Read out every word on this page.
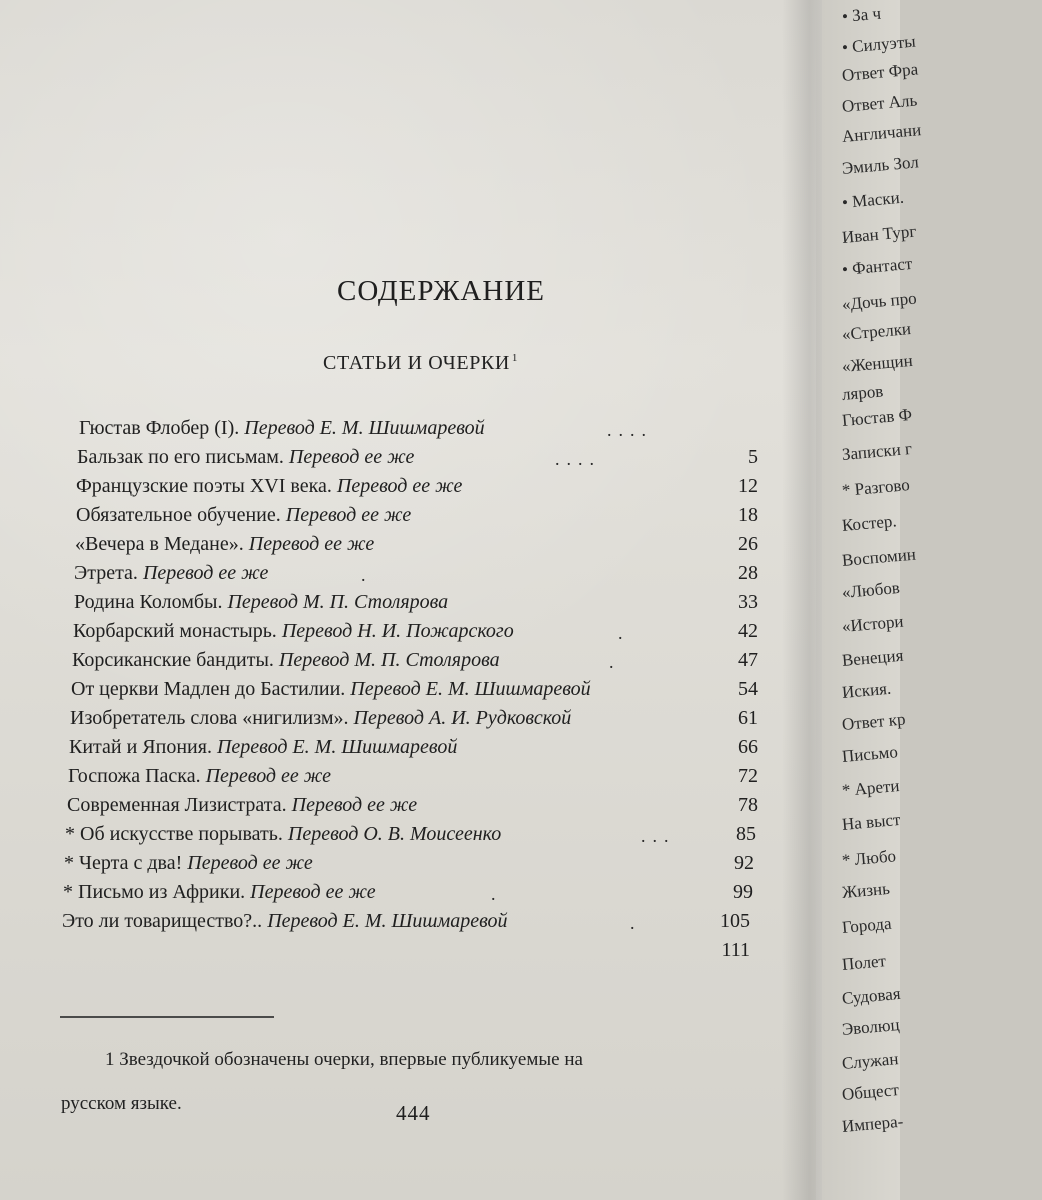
СОДЕРЖАНИЕ
СТАТЬИ И ОЧЕРКИ $^1$
Гюстав Флобер (I). Перевод Е. М. Шишмаревой	....
Бальзак по его письмам. Перевод ее же	....	5
Французские поэты XVI века. Перевод ее же	12
Обязательное обучение. Перевод ее же	18
«Вечера в Медане». Перевод ее же	26
Этрета. Перевод ее же	.	28
Родина Коломбы. Перевод М. П. Столярова	33
Корбарский монастырь. Перевод Н. И. Пожарского	.	42
Корсиканские бандиты. Перевод М. П. Столярова	.	47
От церкви Мадлен до Бастилии. Перевод Е. М. Шишмаревой	54
Изобретатель слова «нигилизм». Перевод А. И. Рудковской	61
Китай и Япония. Перевод Е. М. Шишмаревой	66
Госпожа Паска. Перевод ее же	72
Современная Лизистрата. Перевод ее же	78
* Об искусстве порывать. Перевод О. В. Моисеенко	...	85
* Черта с два! Перевод ее же	92
* Письмо из Африки. Перевод ее же	.	99
Это ли товарищество?.. Перевод Е. М. Шишмаревой	.	105
111
1 Звездочкой обозначены очерки, впервые публикуемые на
русском языке.	444
• За ч
• Силуэты
Ответ Фра
Ответ Аль
Англичани
Эмиль Зол
• Маски.
Иван Тург
• Фантаст
«Дочь про
«Стрелки
«Женщин
ляров
Гюстав Ф
Записки г
* Разгово
Костер.
Воспомин
«Любов
«Истори
Венеция
Иския.
Ответ кр
Письмо
* Арети
На выст
* Любо
Жизнь
Города
Полет
Судовая
Эволюц
Служан
Общест
Импера-
